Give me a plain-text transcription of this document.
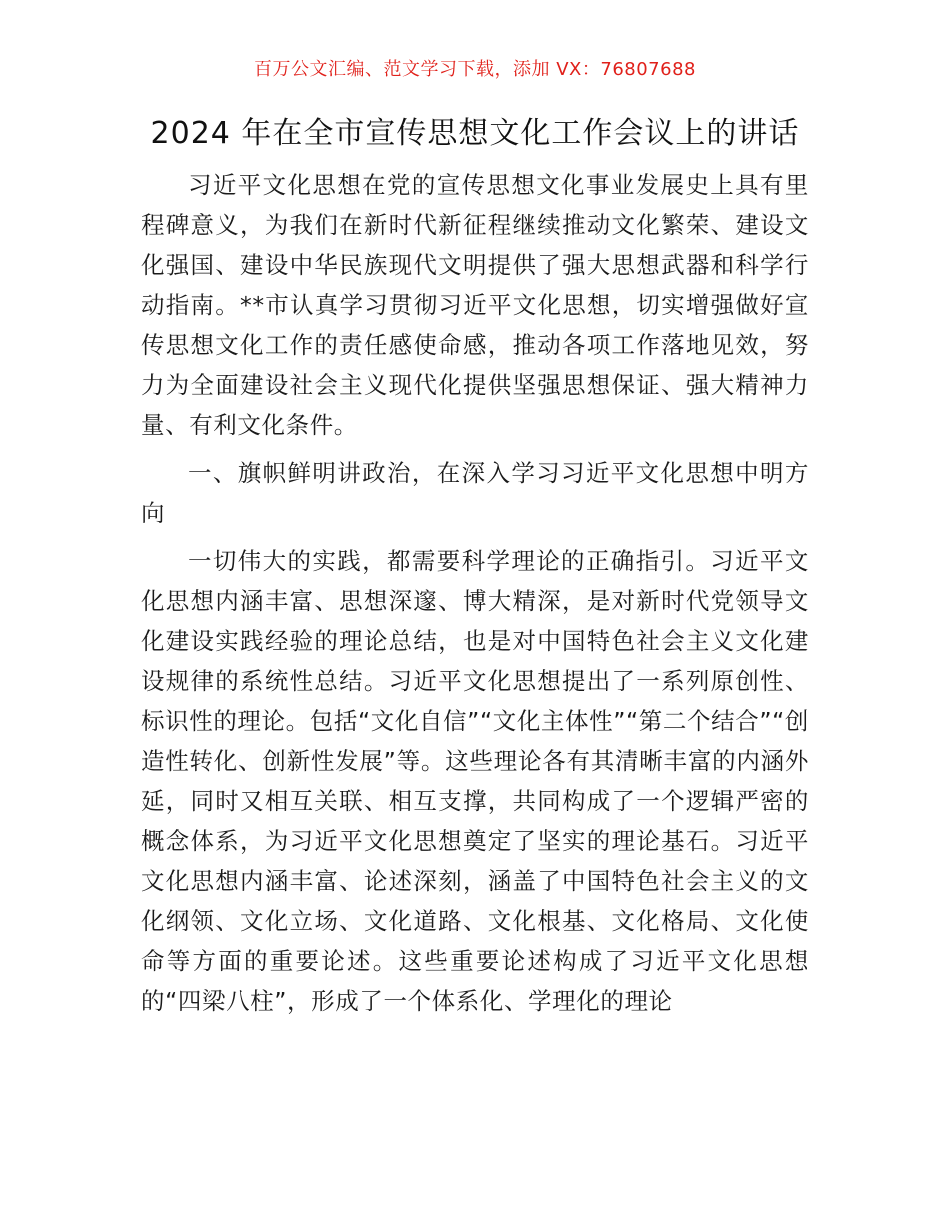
百万公文汇编、范文学习下载，添加 VX：76807688
2024 年在全市宣传思想文化工作会议上的讲话

习近平文化思想在党的宣传思想文化事业发展史上具有里程碑意义，为我们在新时代新征程继续推动文化繁荣、建设文化强国、建设中华民族现代文明提供了强大思想武器和科学行动指南。**市认真学习贯彻习近平文化思想，切实增强做好宣传思想文化工作的责任感使命感，推动各项工作落地见效，努力为全面建设社会主义现代化提供坚强思想保证、强大精神力量、有利文化条件。

一、旗帜鲜明讲政治，在深入学习习近平文化思想中明方向

一切伟大的实践，都需要科学理论的正确指引。习近平文化思想内涵丰富、思想深邃、博大精深，是对新时代党领导文化建设实践经验的理论总结，也是对中国特色社会主义文化建设规律的系统性总结。习近平文化思想提出了一系列原创性、标识性的理论。包括“文化自信”“文化主体性”“第二个结合”“创造性转化、创新性发展”等。这些理论各有其清晰丰富的内涵外延，同时又相互关联、相互支撑，共同构成了一个逻辑严密的概念体系，为习近平文化思想奠定了坚实的理论基石。习近平文化思想内涵丰富、论述深刻，涵盖了中国特色社会主义的文化纲领、文化立场、文化道路、文化根基、文化格局、文化使命等方面的重要论述。这些重要论述构成了习近平文化思想的“四梁八柱”，形成了一个体系化、学理化的理论
